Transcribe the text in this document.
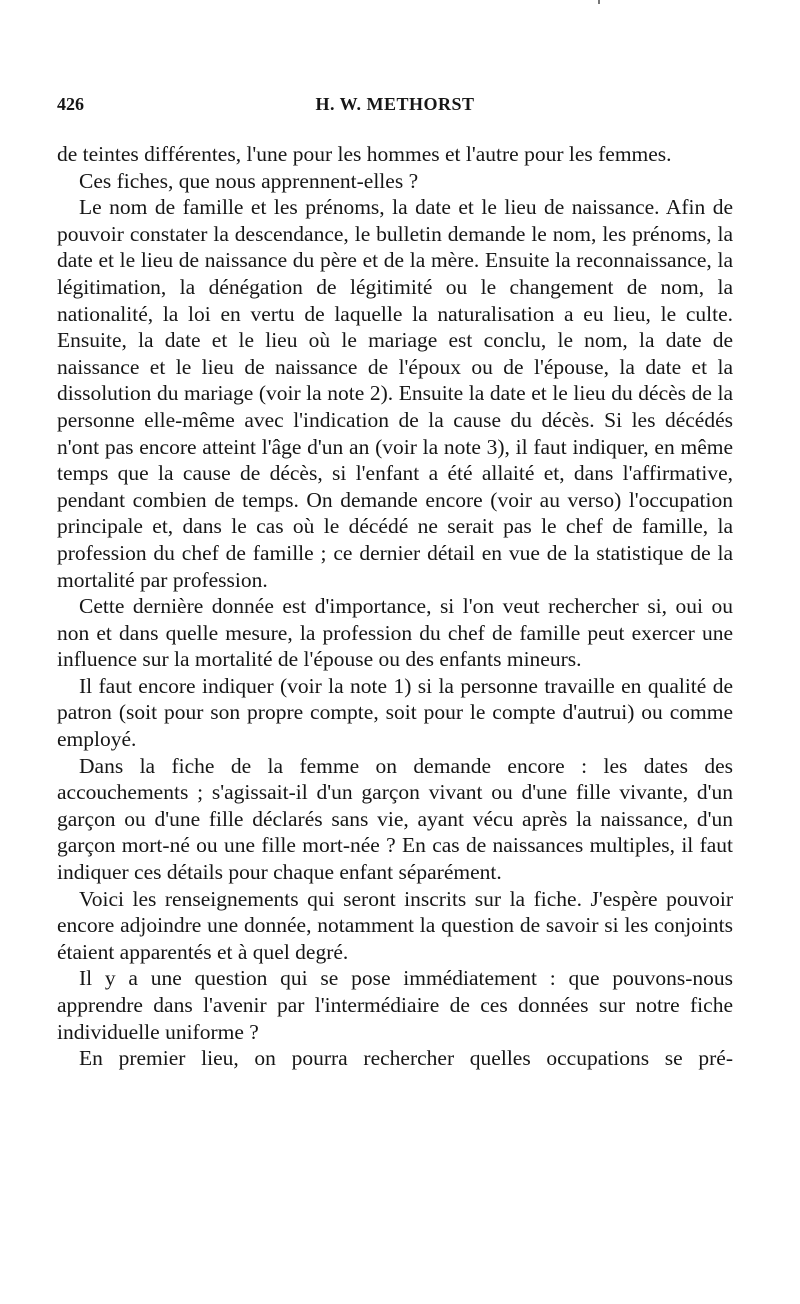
426	H. W. METHORST

de teintes différentes, l'une pour les hommes et l'autre pour les femmes.

Ces fiches, que nous apprennent-elles ?

Le nom de famille et les prénoms, la date et le lieu de naissance. Afin de pouvoir constater la descendance, le bulletin demande le nom, les prénoms, la date et le lieu de naissance du père et de la mère. Ensuite la reconnaissance, la légitimation, la dénégation de légitimité ou le changement de nom, la nationalité, la loi en vertu de laquelle la naturalisation a eu lieu, le culte. Ensuite, la date et le lieu où le mariage est conclu, le nom, la date de naissance et le lieu de naissance de l'époux ou de l'épouse, la date et la dissolution du mariage (voir la note 2). Ensuite la date et le lieu du décès de la personne elle-même avec l'indication de la cause du décès. Si les décédés n'ont pas encore atteint l'âge d'un an (voir la note 3), il faut indiquer, en même temps que la cause de décès, si l'enfant a été allaité et, dans l'affirmative, pendant combien de temps. On demande encore (voir au verso) l'occupation principale et, dans le cas où le décédé ne serait pas le chef de famille, la profession du chef de famille ; ce dernier détail en vue de la statistique de la mortalité par profession.

Cette dernière donnée est d'importance, si l'on veut rechercher si, oui ou non et dans quelle mesure, la profession du chef de famille peut exercer une influence sur la mortalité de l'épouse ou des enfants mineurs.

Il faut encore indiquer (voir la note 1) si la personne travaille en qualité de patron (soit pour son propre compte, soit pour le compte d'autrui) ou comme employé.

Dans la fiche de la femme on demande encore : les dates des accouchements ; s'agissait-il d'un garçon vivant ou d'une fille vivante, d'un garçon ou d'une fille déclarés sans vie, ayant vécu après la naissance, d'un garçon mort-né ou une fille mort-née ? En cas de naissances multiples, il faut indiquer ces détails pour chaque enfant séparément.

Voici les renseignements qui seront inscrits sur la fiche. J'espère pouvoir encore adjoindre une donnée, notamment la question de savoir si les conjoints étaient apparentés et à quel degré.

Il y a une question qui se pose immédiatement : que pouvons-nous apprendre dans l'avenir par l'intermédiaire de ces données sur notre fiche individuelle uniforme ?

En premier lieu, on pourra rechercher quelles occupations se pré-
